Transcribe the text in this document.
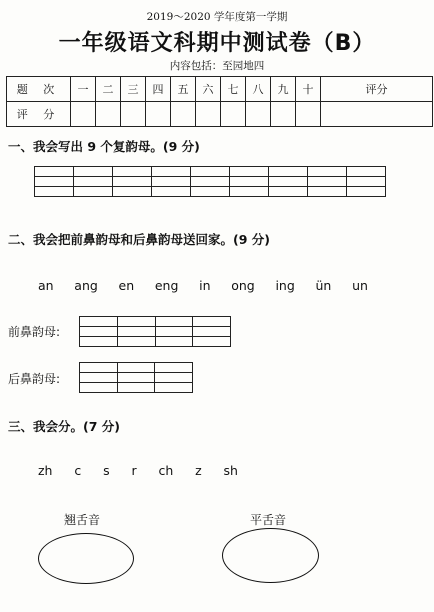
2019～2020 学年度第一学期
一年级语文科期中测试卷（B）
内容包括：至园地四
题 次	一	二	三	四	五	六	七	八	九	十	评分
评 分											
一、我会写出 9 个复韵母。(9 分)

二、我会把前鼻韵母和后鼻韵母送回家。(9 分)
an ang en eng in ong ing ün un
前鼻韵母:

后鼻韵母:

三、我会分。(7 分)
zh c s r ch z sh
翘舌音	平舌音
